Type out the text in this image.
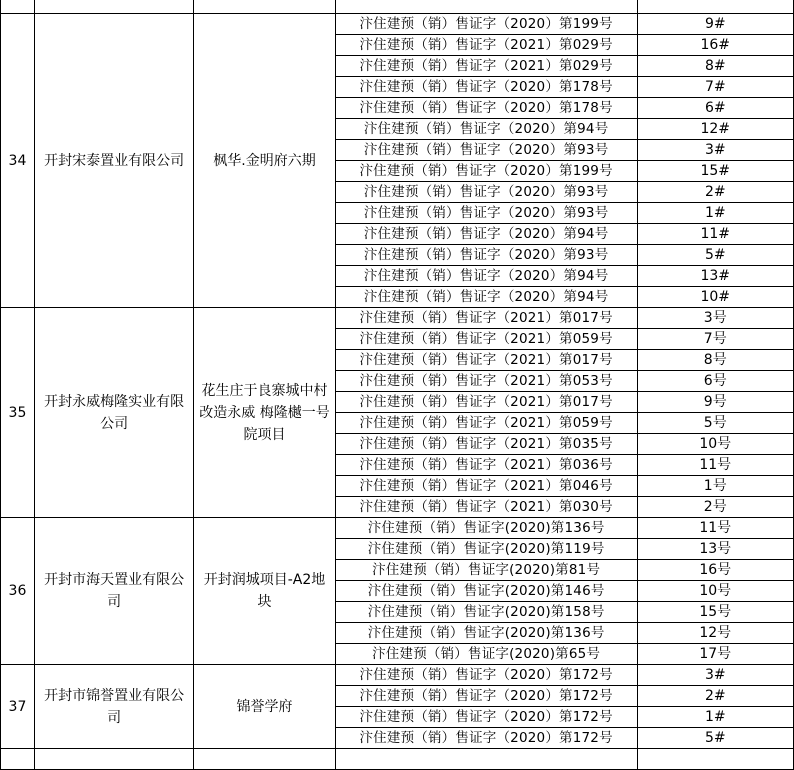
34	开封宋泰置业有限公司	枫华.金明府六期	汴住建预（销）售证字（2020）第199号	9#
			汴住建预（销）售证字（2021）第029号	16#
			汴住建预（销）售证字（2021）第029号	8#
			汴住建预（销）售证字（2020）第178号	7#
			汴住建预（销）售证字（2020）第178号	6#
			汴住建预（销）售证字（2020）第94号	12#
			汴住建预（销）售证字（2020）第93号	3#
			汴住建预（销）售证字（2020）第199号	15#
			汴住建预（销）售证字（2020）第93号	2#
			汴住建预（销）售证字（2020）第93号	1#
			汴住建预（销）售证字（2020）第94号	11#
			汴住建预（销）售证字（2020）第93号	5#
			汴住建预（销）售证字（2020）第94号	13#
			汴住建预（销）售证字（2020）第94号	10#
35	开封永威梅隆实业有限公司	花生庄于良寨城中村改造永威 梅隆樾一号院项目	汴住建预（销）售证字（2021）第017号	3号
			汴住建预（销）售证字（2021）第059号	7号
			汴住建预（销）售证字（2021）第017号	8号
			汴住建预（销）售证字（2021）第053号	6号
			汴住建预（销）售证字（2021）第017号	9号
			汴住建预（销）售证字（2021）第059号	5号
			汴住建预（销）售证字（2021）第035号	10号
			汴住建预（销）售证字（2021）第036号	11号
			汴住建预（销）售证字（2021）第046号	1号
			汴住建预（销）售证字（2021）第030号	2号
36	开封市海天置业有限公司	开封润城项目-A2地块	汴住建预（销）售证字(2020)第136号	11号
			汴住建预（销）售证字(2020)第119号	13号
			汴住建预（销）售证字(2020)第81号	16号
			汴住建预（销）售证字(2020)第146号	10号
			汴住建预（销）售证字(2020)第158号	15号
			汴住建预（销）售证字(2020)第136号	12号
			汴住建预（销）售证字(2020)第65号	17号
37	开封市锦誉置业有限公司	锦誉学府	汴住建预（销）售证字（2020）第172号	3#
			汴住建预（销）售证字（2020）第172号	2#
			汴住建预（销）售证字（2020）第172号	1#
			汴住建预（销）售证字（2020）第172号	5#
